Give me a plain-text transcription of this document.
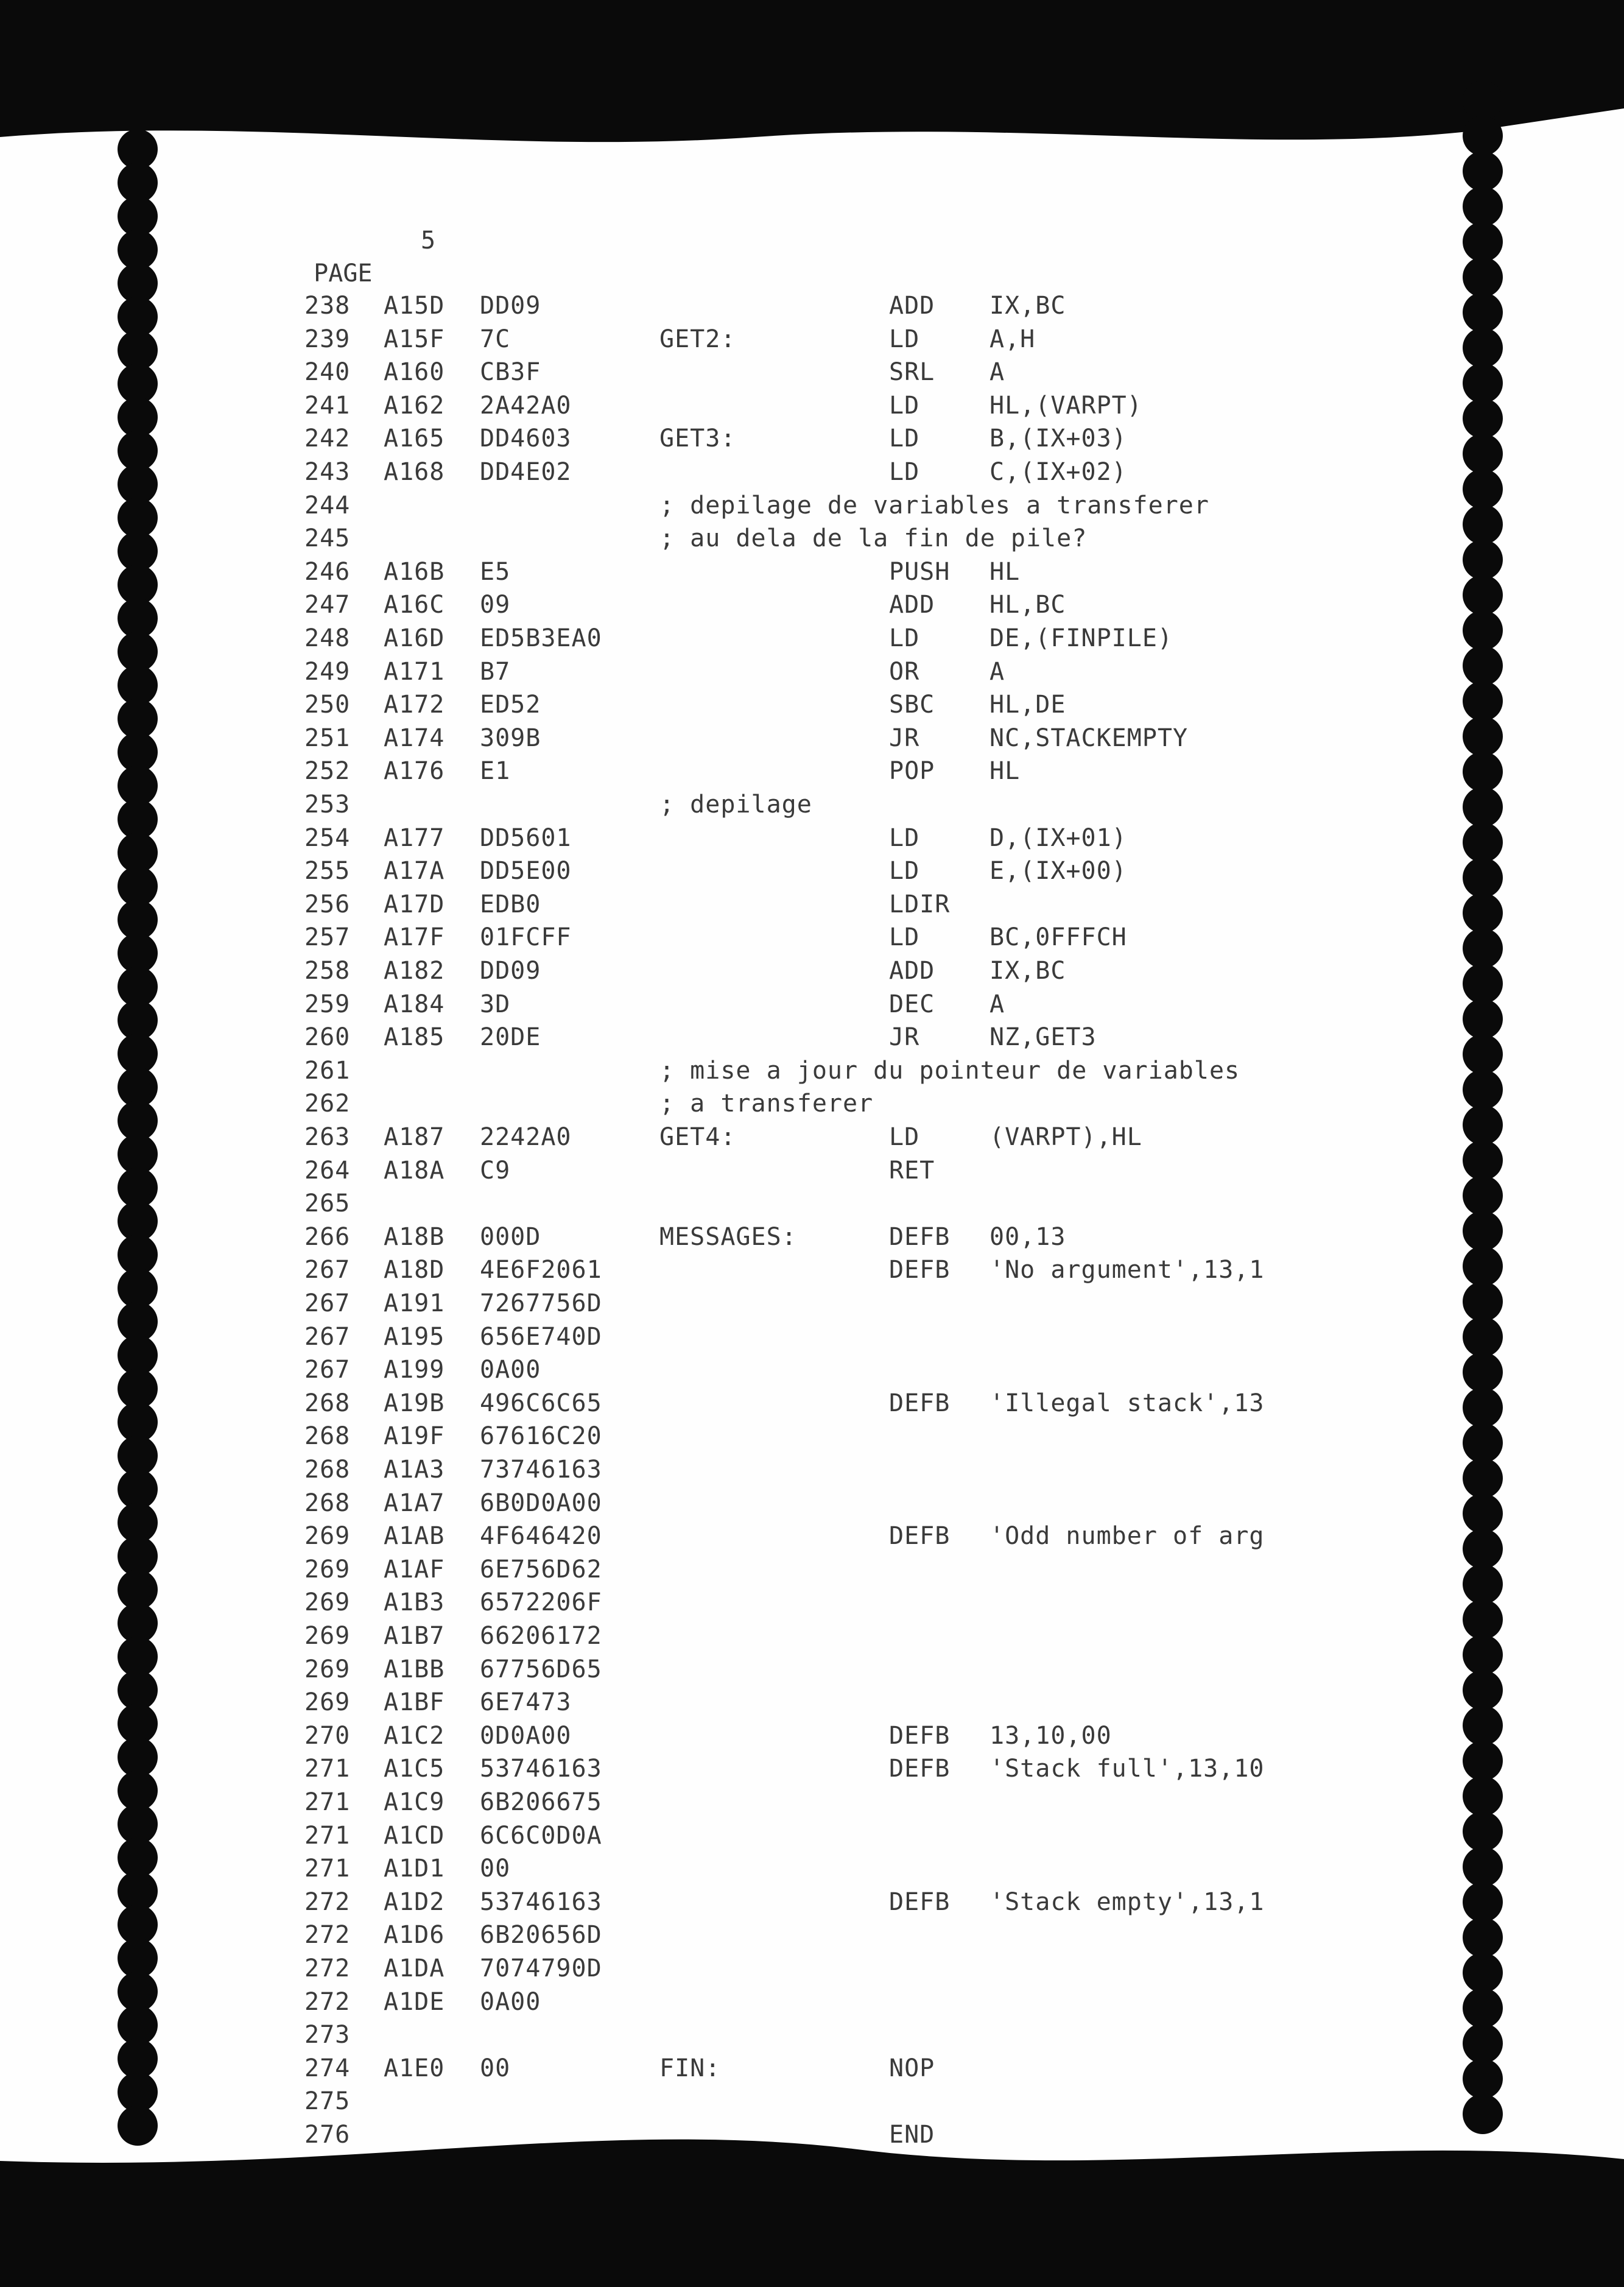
PAGE

5

238 A15D DD09	ADD IX,BC
239 A15F 7C	GET2:	LD	A,H
240 A160 CB3F	SRL A
241 A162 2A42A0	LD	HL,(VARPT)
242 A165 DD4603	GET3:	LD	B,(IX+03)
243 A168 DD4E02	LD	C,(IX+02)
244	; depilage de variables a transferer
245	; au dela de la fin de pile?
246 A16B E5	PUSH HL
247 A16C 09	ADD HL,BC
248 A16D ED5B3EA0	LD	DE,(FINPILE)
249 A171 B7	OR	A
250 A172 ED52	SBC HL,DE
251 A174 309B	JR	NC,STACKEMPTY
252 A176 E1	POP HL
253	; depilage
254 A177 DD5601	LD	D,(IX+01)
255 A17A DD5E00	LD	E,(IX+00)
256 A17D EDB0	LDIR
257 A17F 01FCFF	LD	BC,0FFFCH
258 A182 DD09	ADD IX,BC
259 A184 3D	DEC A
260 A185 20DE	JR	NZ,GET3
261	; mise a jour du pointeur de variables
262	; a transferer
263 A187 2242A0	GET4:	LD	(VARPT),HL
264 A18A C9	RET
265
266 A18B 000D	MESSAGES:	DEFB 00,13
267 A18D 4E6F2061	DEFB 'No argument',13,1
267 A191 7267756D
267 A195 656E740D
267 A199 0A00
268 A19B 496C6C65	DEFB 'Illegal stack',13
268 A19F 67616C20
268 A1A3 73746163
268 A1A7 6B0D0A00
269 A1AB 4F646420	DEFB 'Odd number of arg
269 A1AF 6E756D62
269 A1B3 6572206F
269 A1B7 66206172
269 A1BB 67756D65
269 A1BF 6E7473
270 A1C2 0D0A00	DEFB 13,10,00
271 A1C5 53746163	DEFB 'Stack full',13,10
271 A1C9 6B206675
271 A1CD 6C6C0D0A
271 A1D1 00
272 A1D2 53746163	DEFB 'Stack empty',13,1
272 A1D6 6B20656D
272 A1DA 7074790D
272 A1DE 0A00
273
274 A1E0 00	FIN:	NOP
275
276	END
